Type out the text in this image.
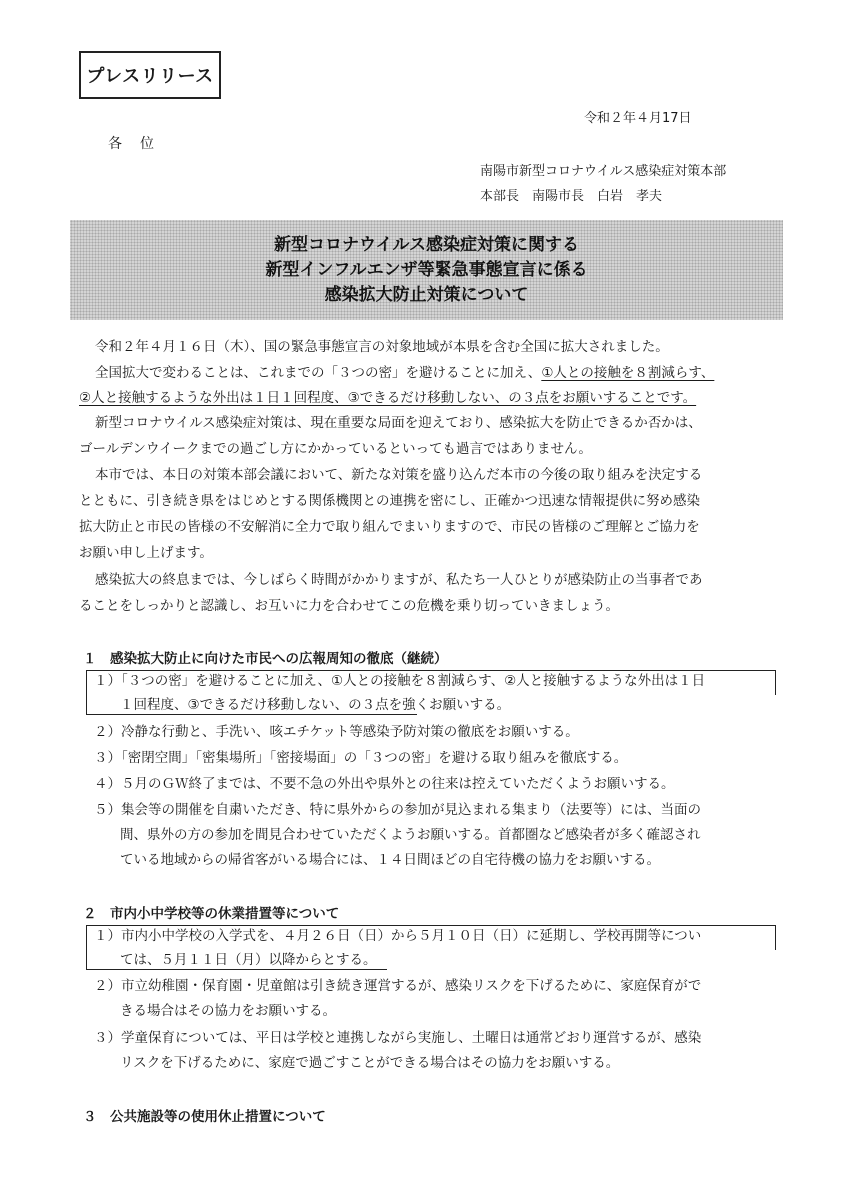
プレスリリース
令和２年４月17日
各位
南陽市新型コロナウイルス感染症対策本部
本部長　南陽市長　白岩　孝夫
新型コロナウイルス感染症対策に関する
新型インフルエンザ等緊急事態宣言に係る
感染拡大防止対策について
令和２年４月１６日（木）、国の緊急事態宣言の対象地域が本県を含む全国に拡大されました。
全国拡大で変わることは、これまでの「３つの密」を避けることに加え、①人との接触を８割減らす、
②人と接触するような外出は１日１回程度、③できるだけ移動しない、の３点をお願いすることです。
新型コロナウイルス感染症対策は、現在重要な局面を迎えており、感染拡大を防止できるか否かは、
ゴールデンウイークまでの過ごし方にかかっているといっても過言ではありません。
本市では、本日の対策本部会議において、新たな対策を盛り込んだ本市の今後の取り組みを決定する
とともに、引き続き県をはじめとする関係機関との連携を密にし、正確かつ迅速な情報提供に努め感染
拡大防止と市民の皆様の不安解消に全力で取り組んでまいりますので、市民の皆様のご理解とご協力を
お願い申し上げます。
感染拡大の終息までは、今しばらく時間がかかりますが、私たち一人ひとりが感染防止の当事者であ
ることをしっかりと認識し、お互いに力を合わせてこの危機を乗り切っていきましょう。
１　感染拡大防止に向けた市民への広報周知の徹底（継続）
１）「３つの密」を避けることに加え、①人との接触を８割減らす、②人と接触するような外出は１日
１回程度、③できるだけ移動しない、の３点を強くお願いする。
２）冷静な行動と、手洗い、咳エチケット等感染予防対策の徹底をお願いする。
３）「密閉空間」「密集場所」「密接場面」の「３つの密」を避ける取り組みを徹底する。
４）５月のＧＷ終了までは、不要不急の外出や県外との往来は控えていただくようお願いする。
５）集会等の開催を自粛いただき、特に県外からの参加が見込まれる集まり（法要等）には、当面の
間、県外の方の参加を間見合わせていただくようお願いする。首都圏など感染者が多く確認され
ている地域からの帰省客がいる場合には、１４日間ほどの自宅待機の協力をお願いする。
２　市内小中学校等の休業措置等について
１）市内小中学校の入学式を、４月２６日（日）から５月１０日（日）に延期し、学校再開等につい
ては、５月１１日（月）以降からとする。
２）市立幼稚園・保育園・児童館は引き続き運営するが、感染リスクを下げるために、家庭保育がで
きる場合はその協力をお願いする。
３）学童保育については、平日は学校と連携しながら実施し、土曜日は通常どおり運営するが、感染
リスクを下げるために、家庭で過ごすことができる場合はその協力をお願いする。
３　公共施設等の使用休止措置について
